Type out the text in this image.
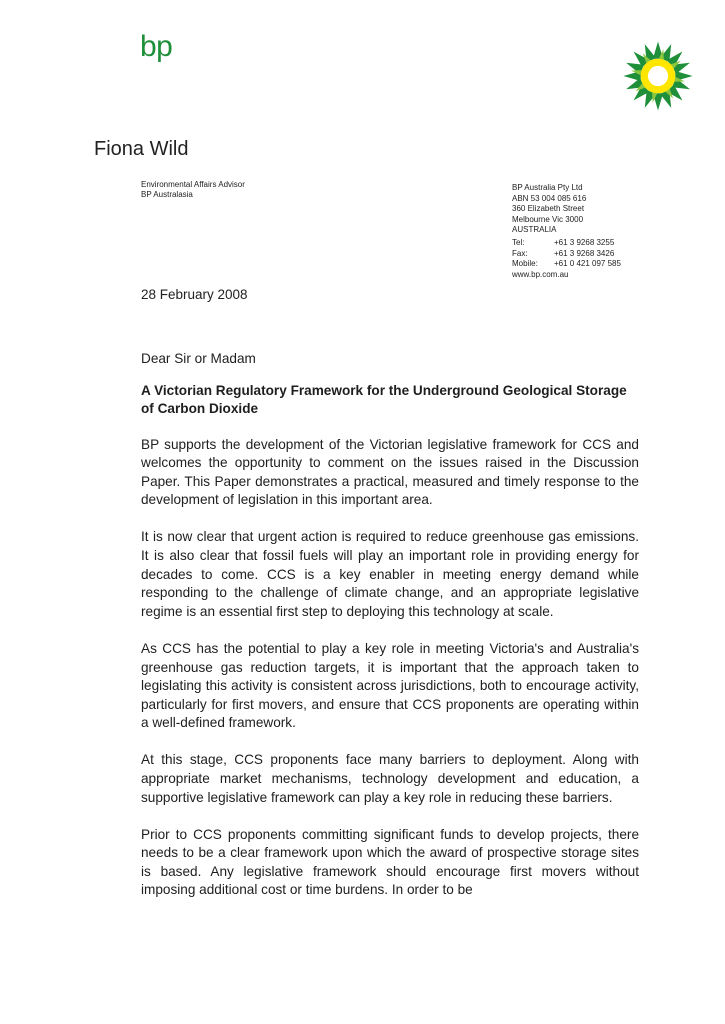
bp
Fiona Wild
Environmental Affairs Advisor
BP Australasia
BP Australia Pty Ltd
ABN 53 004 085 616
360 Elizabeth Street
Melbourne Vic 3000
AUSTRALIA
Tel:	+61 3 9268 3255
Fax:	+61 3 9268 3426
Mobile:	+61 0 421 097 585
www.bp.com.au
28 February 2008
Dear Sir or Madam
A Victorian Regulatory Framework for the Underground Geological Storage of Carbon Dioxide

BP supports the development of the Victorian legislative framework for CCS and welcomes the opportunity to comment on the issues raised in the Discussion Paper. This Paper demonstrates a practical, measured and timely response to the development of legislation in this important area.

It is now clear that urgent action is required to reduce greenhouse gas emissions. It is also clear that fossil fuels will play an important role in providing energy for decades to come. CCS is a key enabler in meeting energy demand while responding to the challenge of climate change, and an appropriate legislative regime is an essential first step to deploying this technology at scale.

As CCS has the potential to play a key role in meeting Victoria's and Australia's greenhouse gas reduction targets, it is important that the approach taken to legislating this activity is consistent across jurisdictions, both to encourage activity, particularly for first movers, and ensure that CCS proponents are operating within a well-defined framework.

At this stage, CCS proponents face many barriers to deployment. Along with appropriate market mechanisms, technology development and education, a supportive legislative framework can play a key role in reducing these barriers.

Prior to CCS proponents committing significant funds to develop projects, there needs to be a clear framework upon which the award of prospective storage sites is based. Any legislative framework should encourage first movers without imposing additional cost or time burdens. In order to be
